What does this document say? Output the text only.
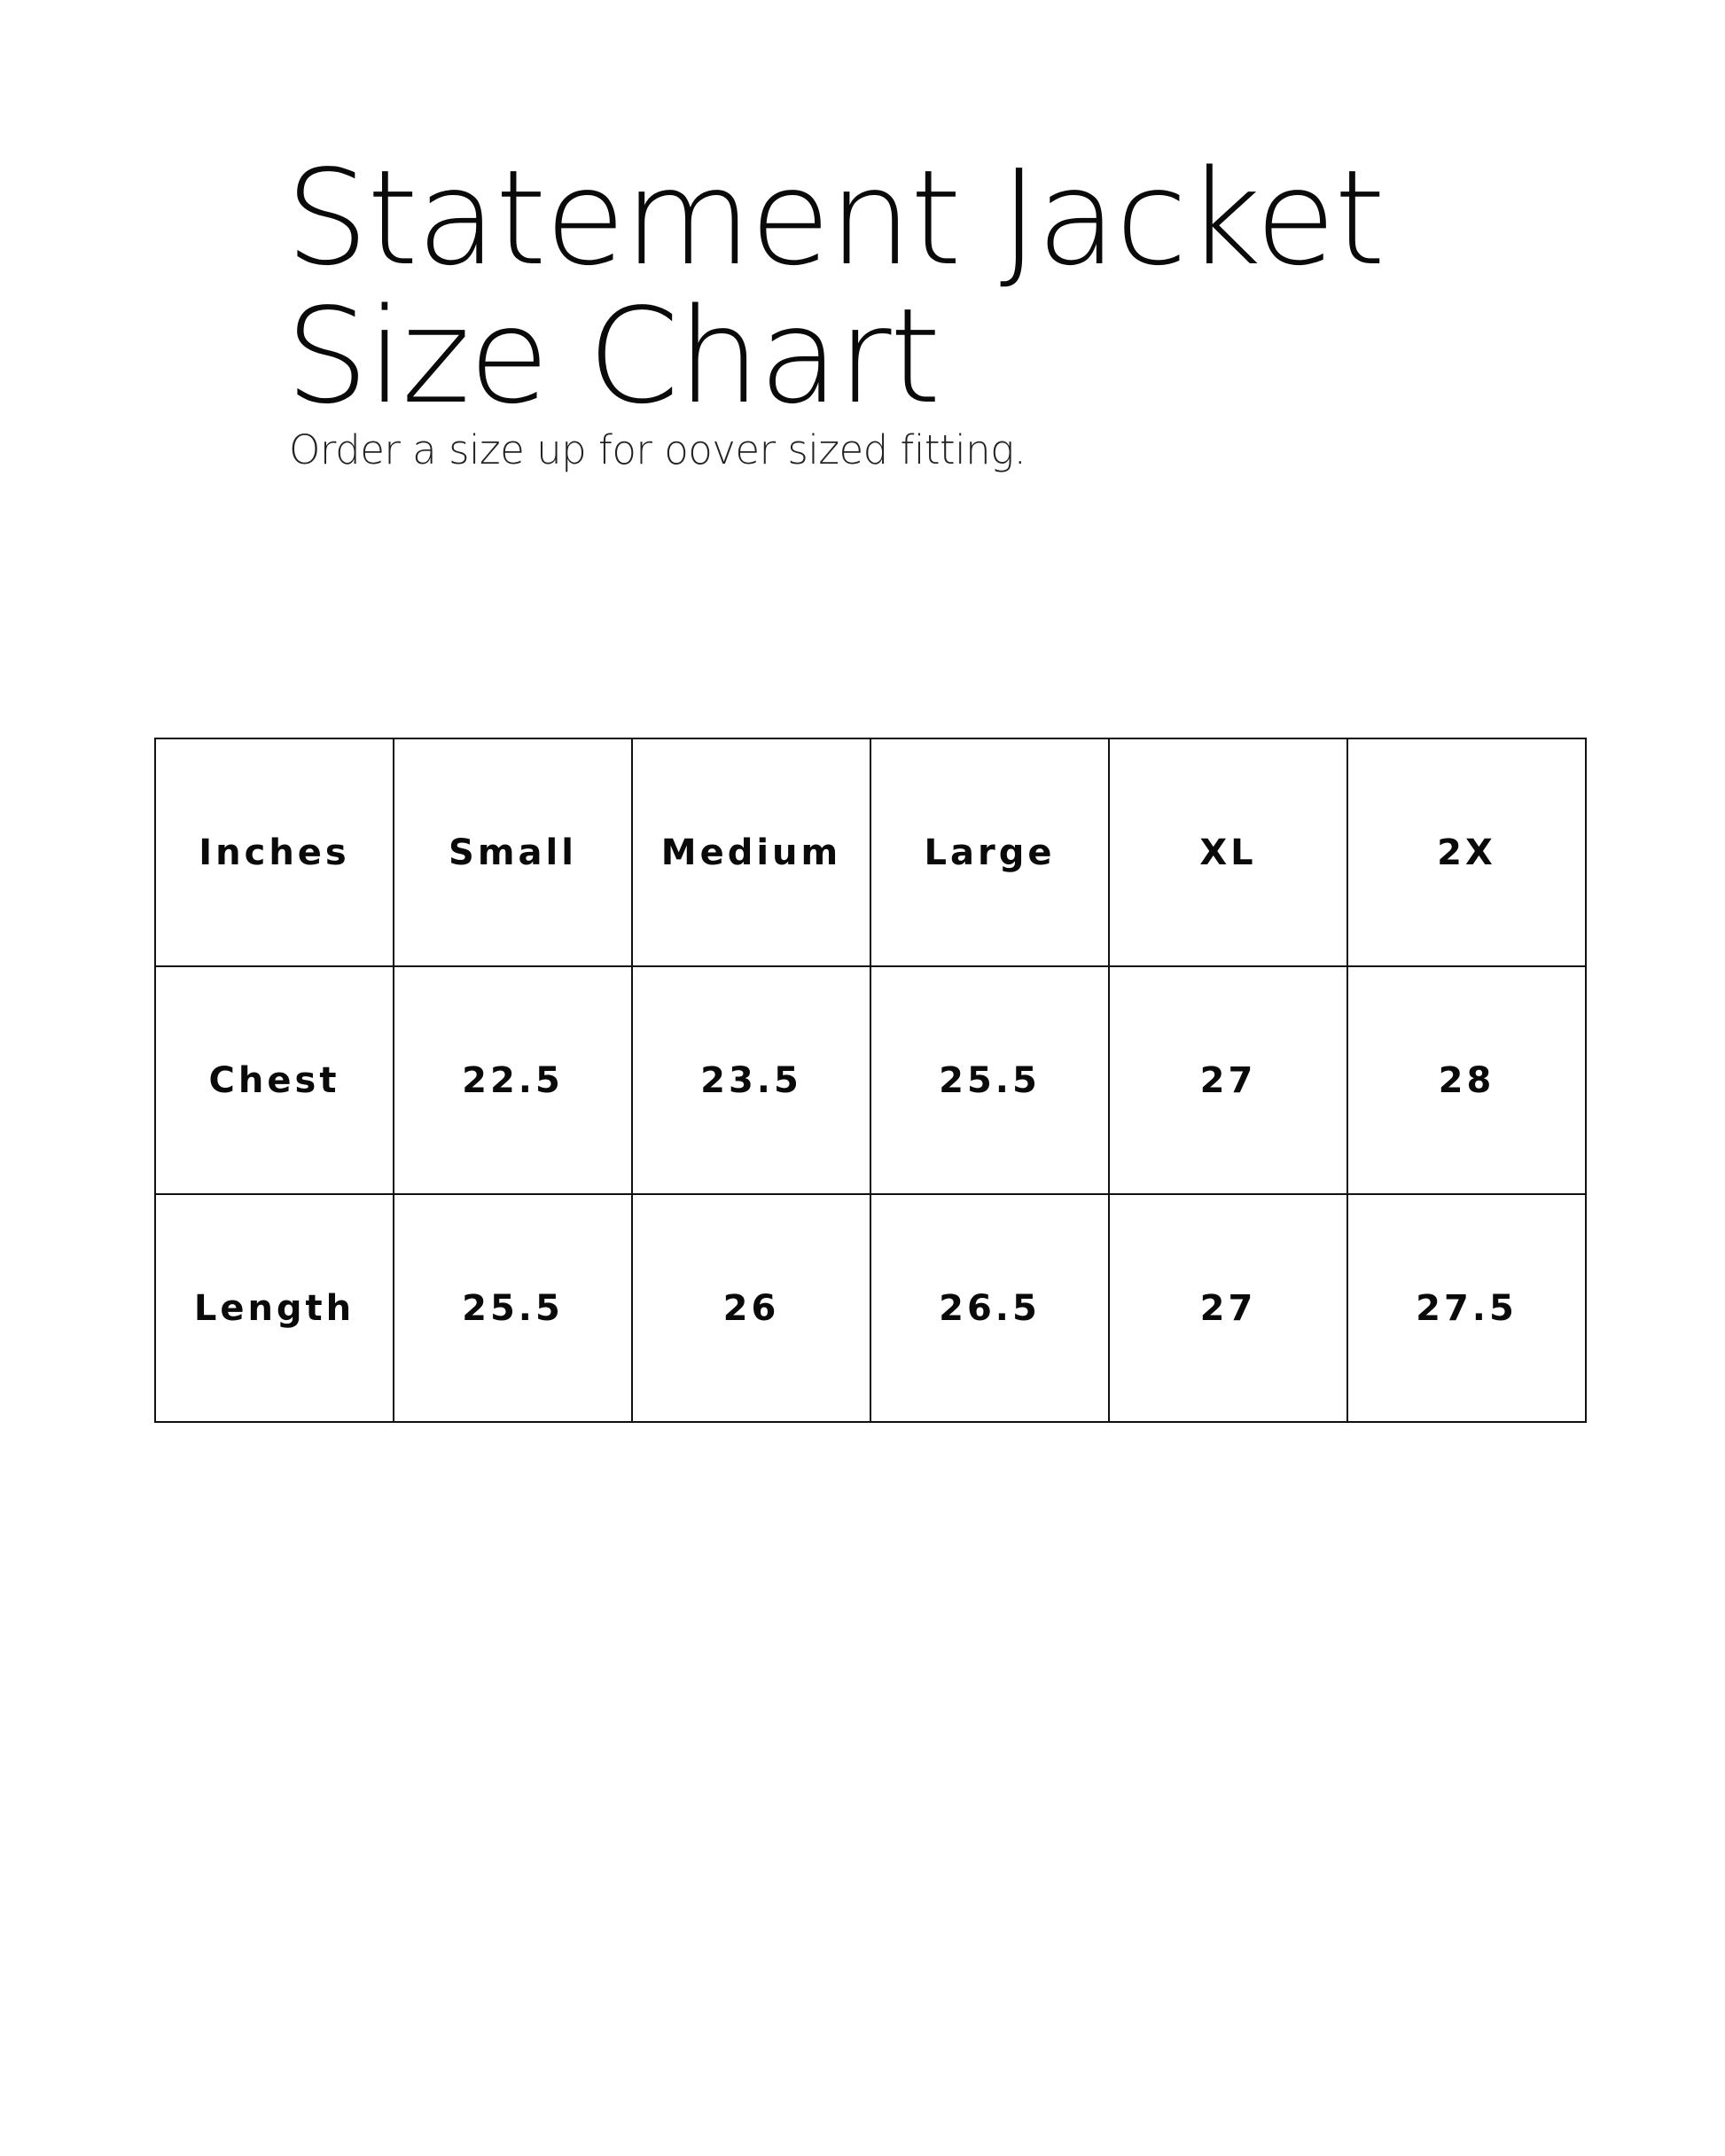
Statement Jacket
Size Chart

Order a size up for oover sized fitting.

Inches	Small	Medium	Large	XL	2X
Chest	22.5	23.5	25.5	27	28
Length	25.5	26	26.5	27	27.5
